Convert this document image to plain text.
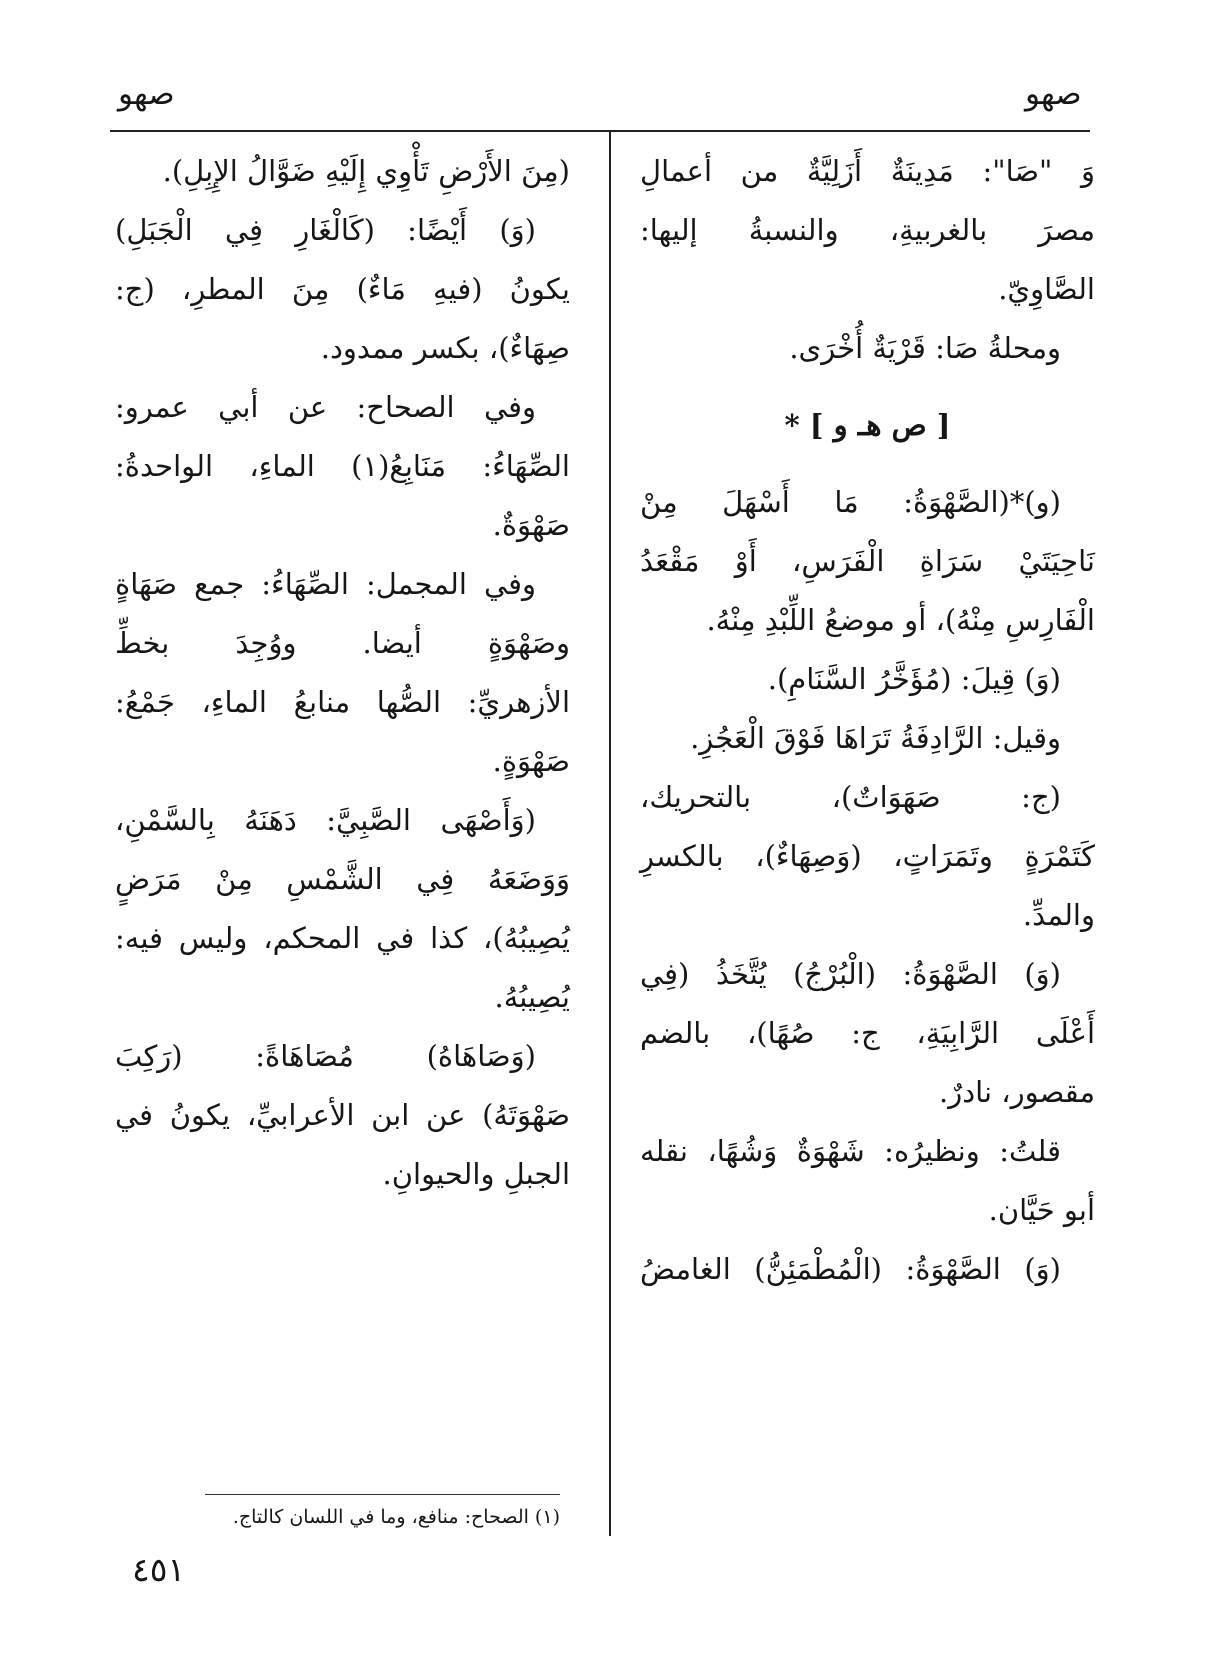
صهو
صهو
وَ "صَا": مَدِينَةٌ أَزَلِيَّةٌ من أعمالِ
مصرَ بالغربيةِ، والنسبةُ إليها:
الصَّاوِيّ.
ومحلةُ صَا: قَرْيَةٌ أُخْرَى.
[ ص هـ و ] *
(و)*(الصَّهْوَةُ: مَا أَسْهَلَ مِنْ
نَاحِيَتَيْ سَرَاةِ الْفَرَسِ، أَوْ مَقْعَدُ
الْفَارِسِ مِنْهُ)، أو موضعُ اللِّبْدِ مِنْهُ.
(وَ) قِيلَ: (مُؤَخَّرُ السَّنَامِ).
وقيل: الرَّادِفَةُ تَرَاهَا فَوْقَ الْعَجُزِ.
(ج: صَهَوَاتٌ)، بالتحريك،
كَتَمْرَةٍ وتَمَرَاتٍ، (وَصِهَاءٌ)، بالكسرِ
والمدِّ.
(وَ) الصَّهْوَةُ: (الْبُرْجُ) يُتَّخَذُ (فِي
أَعْلَى الرَّابِيَةِ، ج: صُهًا)، بالضم
مقصور، نادرٌ.
قلتُ: ونظيرُه: شَهْوَةٌ وَشُهًا، نقله
أبو حَيَّان.
(وَ) الصَّهْوَةُ: (الْمُطْمَئِنُّ) الغامضُ
(مِنَ الأَرْضِ تَأْوِي إِلَيْهِ ضَوَّالُ الإِبِلِ).
(وَ) أَيْضًا: (كَالْغَارِ فِي الْجَبَلِ)
يكونُ (فيهِ مَاءٌ) مِنَ المطرِ، (ج:
صِهَاءٌ)، بكسر ممدود.
وفي الصحاح: عن أبي عمرو:
الصِّهَاءُ: مَنَابِعُ(١) الماءِ، الواحدةُ:
صَهْوَةٌ.
وفي المجمل: الصِّهَاءُ: جمع صَهَاةٍ
وصَهْوَةٍ أيضا. ووُجِدَ بخطِّ
الأزهريِّ: الصُّها منابعُ الماءِ، جَمْعُ:
صَهْوَةٍ.
(وَأَصْهَى الصَّبِيَّ: دَهَنَهُ بِالسَّمْنِ،
وَوَضَعَهُ فِي الشَّمْسِ مِنْ مَرَضٍ
يُصِيبُهُ)، كذا في المحكم، وليس فيه:
يُصِيبُهُ.
(وَصَاهَاهُ) مُصَاهَاةً: (رَكِبَ
صَهْوَتَهُ) عن ابن الأعرابيِّ، يكونُ في
الجبلِ والحيوانِ.
(١) الصحاح: منافع، وما في اللسان كالتاج.
٤٥١
